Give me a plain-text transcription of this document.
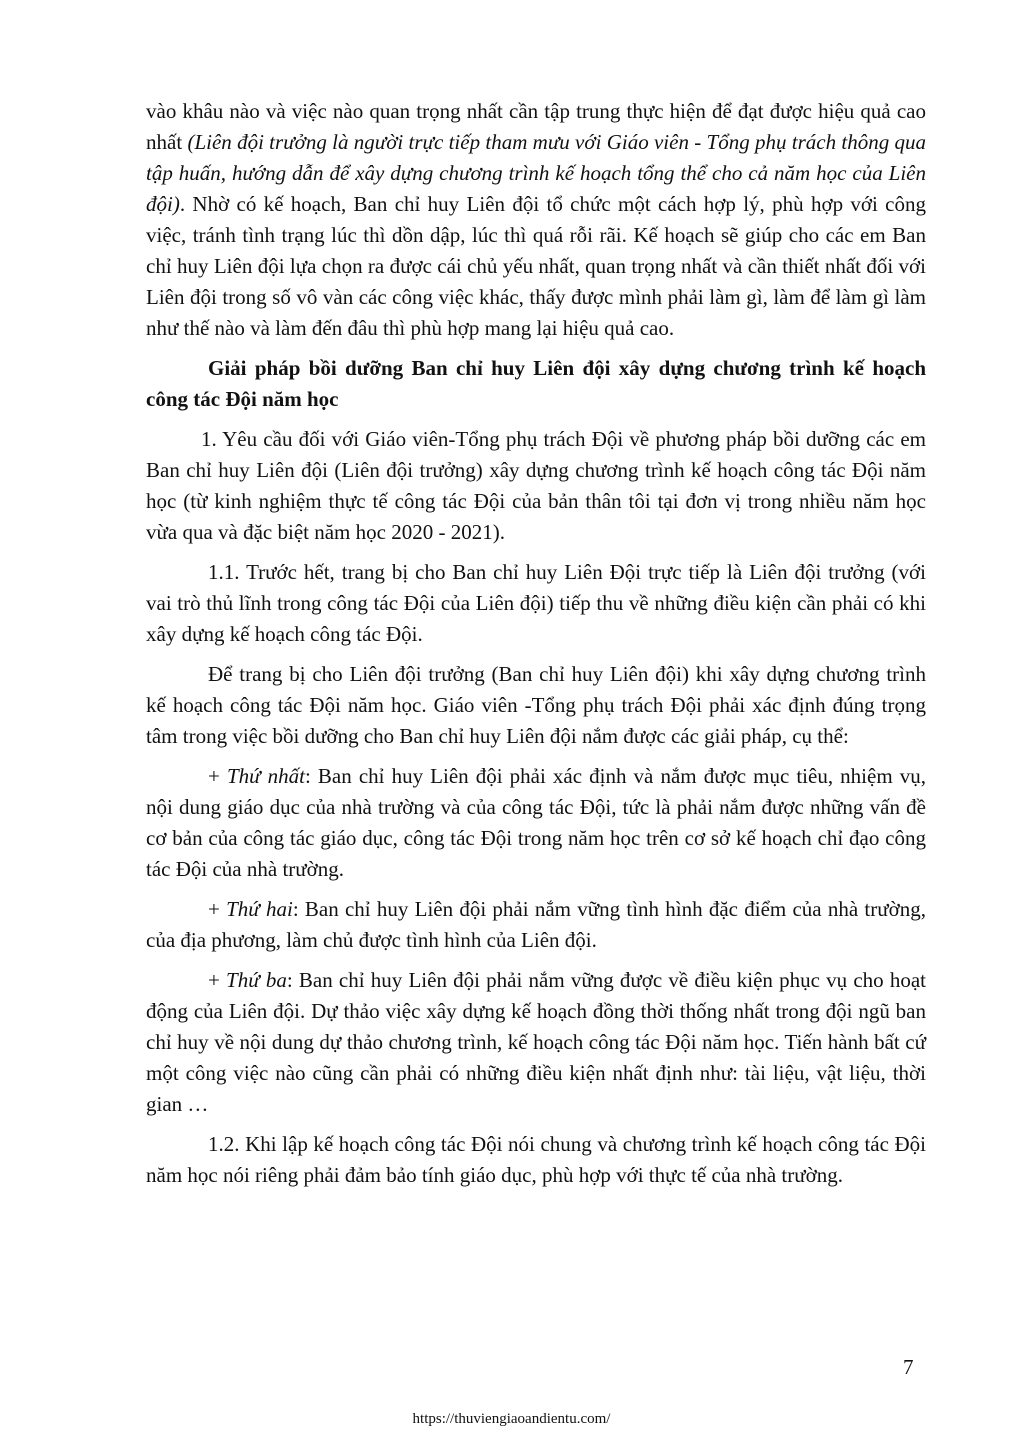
vào khâu nào và việc nào quan trọng nhất cần tập trung thực hiện để đạt được hiệu quả cao nhất (Liên đội trưởng là người trực tiếp tham mưu với Giáo viên - Tổng phụ trách thông qua tập huấn, hướng dẫn để xây dựng chương trình kế hoạch tổng thể cho cả năm học của Liên đội). Nhờ có kế hoạch, Ban chỉ huy Liên đội tổ chức một cách hợp lý, phù hợp với công việc, tránh tình trạng lúc thì dồn dập, lúc thì quá rỗi rãi. Kế hoạch sẽ giúp cho các em Ban chỉ huy Liên đội lựa chọn ra được cái chủ yếu nhất, quan trọng nhất và cần thiết nhất đối với Liên đội trong số vô vàn các công việc khác, thấy được mình phải làm gì, làm để làm gì làm như thế nào và làm đến đâu thì phù hợp mang lại hiệu quả cao.

Giải pháp bồi dưỡng Ban chỉ huy Liên đội xây dựng chương trình kế hoạch công tác Đội năm học

1. Yêu cầu đối với Giáo viên-Tổng phụ trách Đội về phương pháp bồi dưỡng các em Ban chỉ huy Liên đội (Liên đội trưởng) xây dựng chương trình kế hoạch công tác Đội năm học (từ kinh nghiệm thực tế công tác Đội của bản thân tôi tại đơn vị trong nhiều năm học vừa qua và đặc biệt năm học 2020 - 2021).

1.1. Trước hết, trang bị cho Ban chỉ huy Liên Đội trực tiếp là Liên đội trưởng (với vai trò thủ lĩnh trong công tác Đội của Liên đội) tiếp thu về những điều kiện cần phải có khi xây dựng kế hoạch công tác Đội.

Để trang bị cho Liên đội trưởng (Ban chỉ huy Liên đội) khi xây dựng chương trình kế hoạch công tác Đội năm học. Giáo viên -Tổng phụ trách Đội phải xác định đúng trọng tâm trong việc bồi dưỡng cho Ban chỉ huy Liên đội nắm được các giải pháp, cụ thể:

+ Thứ nhất: Ban chỉ huy Liên đội phải xác định và nắm được mục tiêu, nhiệm vụ, nội dung giáo dục của nhà trường và của công tác Đội, tức là phải nắm được những vấn đề cơ bản của công tác giáo dục, công tác Đội trong năm học trên cơ sở kế hoạch chỉ đạo công tác Đội của nhà trường.

+ Thứ hai: Ban chỉ huy Liên đội phải nắm vững tình hình đặc điểm của nhà trường, của địa phương, làm chủ được tình hình của Liên đội.

+ Thứ ba: Ban chỉ huy Liên đội phải nắm vững được về điều kiện phục vụ cho hoạt động của Liên đội. Dự thảo việc xây dựng kế hoạch đồng thời thống nhất trong đội ngũ ban chỉ huy về nội dung dự thảo chương trình, kế hoạch công tác Đội năm học. Tiến hành bất cứ một công việc nào cũng cần phải có những điều kiện nhất định như: tài liệu, vật liệu, thời gian …

1.2. Khi lập kế hoạch công tác Đội nói chung và chương trình kế hoạch công tác Đội năm học nói riêng phải đảm bảo tính giáo dục, phù hợp với thực tế của nhà trường.

7
https://thuviengiaoandientu.com/
